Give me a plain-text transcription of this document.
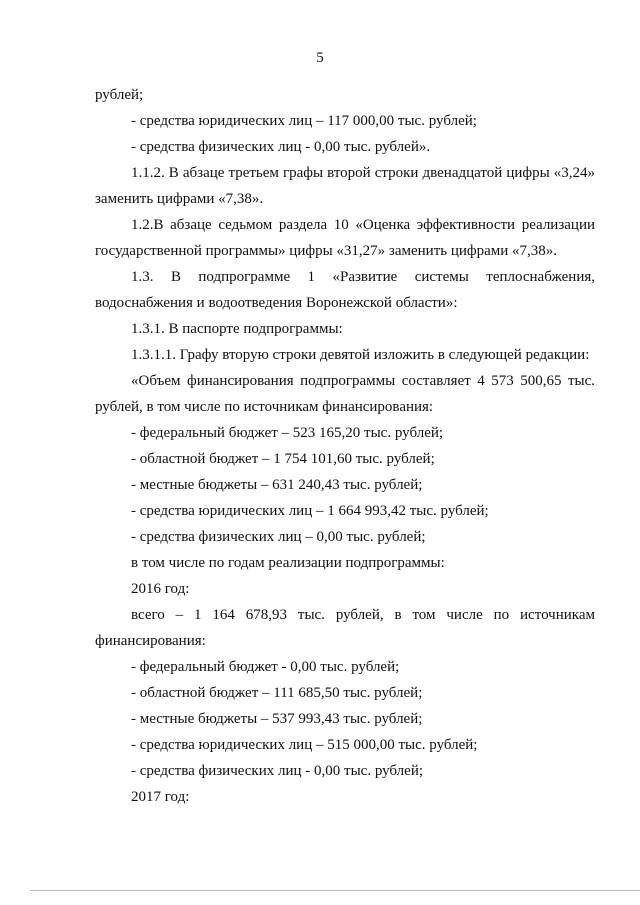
5
рублей;
- средства юридических лиц – 117 000,00 тыс. рублей;
- средства физических лиц - 0,00 тыс. рублей».
1.1.2. В абзаце третьем графы второй строки двенадцатой цифры «3,24»
заменить цифрами «7,38».
1.2.В абзаце седьмом раздела 10 «Оценка эффективности реализации
государственной программы» цифры «31,27» заменить цифрами «7,38».
1.3. В подпрограмме 1 «Развитие системы теплоснабжения,
водоснабжения и водоотведения Воронежской области»:
1.3.1. В паспорте подпрограммы:
1.3.1.1. Графу вторую строки девятой изложить в следующей редакции:
«Объем финансирования подпрограммы составляет 4 573 500,65 тыс.
рублей, в том числе по источникам финансирования:
- федеральный бюджет – 523 165,20 тыс. рублей;
- областной бюджет – 1 754 101,60 тыс. рублей;
- местные бюджеты – 631 240,43 тыс. рублей;
- средства юридических лиц – 1 664 993,42 тыс. рублей;
- средства физических лиц – 0,00 тыс. рублей;
в том числе по годам реализации подпрограммы:
2016 год:
всего – 1 164 678,93 тыс. рублей, в том числе по источникам
финансирования:
- федеральный бюджет - 0,00 тыс. рублей;
- областной бюджет – 111 685,50 тыс. рублей;
- местные бюджеты – 537 993,43 тыс. рублей;
- средства юридических лиц – 515 000,00 тыс. рублей;
- средства физических лиц - 0,00 тыс. рублей;
2017 год:
